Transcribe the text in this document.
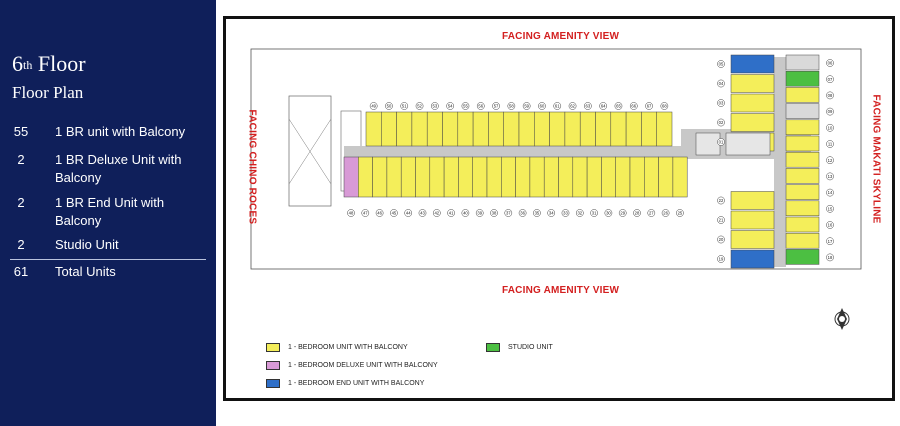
6th Floor
Floor Plan
55	1 BR unit with Balcony
2	1 BR Deluxe Unit with Balcony
2	1 BR End Unit with Balcony
2	Studio Unit
61	Total Units
49	50	51	52	53	54	55	56	57	58	59	60	61	62	63	64	65	66	67	68
48 47 46 45 44 43 42 41 40 39 38 37 36 35 34 33 32 31 30 29 28 27 26 25
05
04
03
02
01
22
21
20
19
06
07
08
09
10
11
12
13
14
15
16
17
18
FACING AMENITY VIEW
FACING AMENITY VIEW
FACING CHINO ROCES	FACING MAKATI SKYLINE
1 - BEDROOM UNIT WITH BALCONY
1 - BEDROOM DELUXE UNIT WITH BALCONY
1 - BEDROOM END UNIT WITH BALCONY
STUDIO UNIT
